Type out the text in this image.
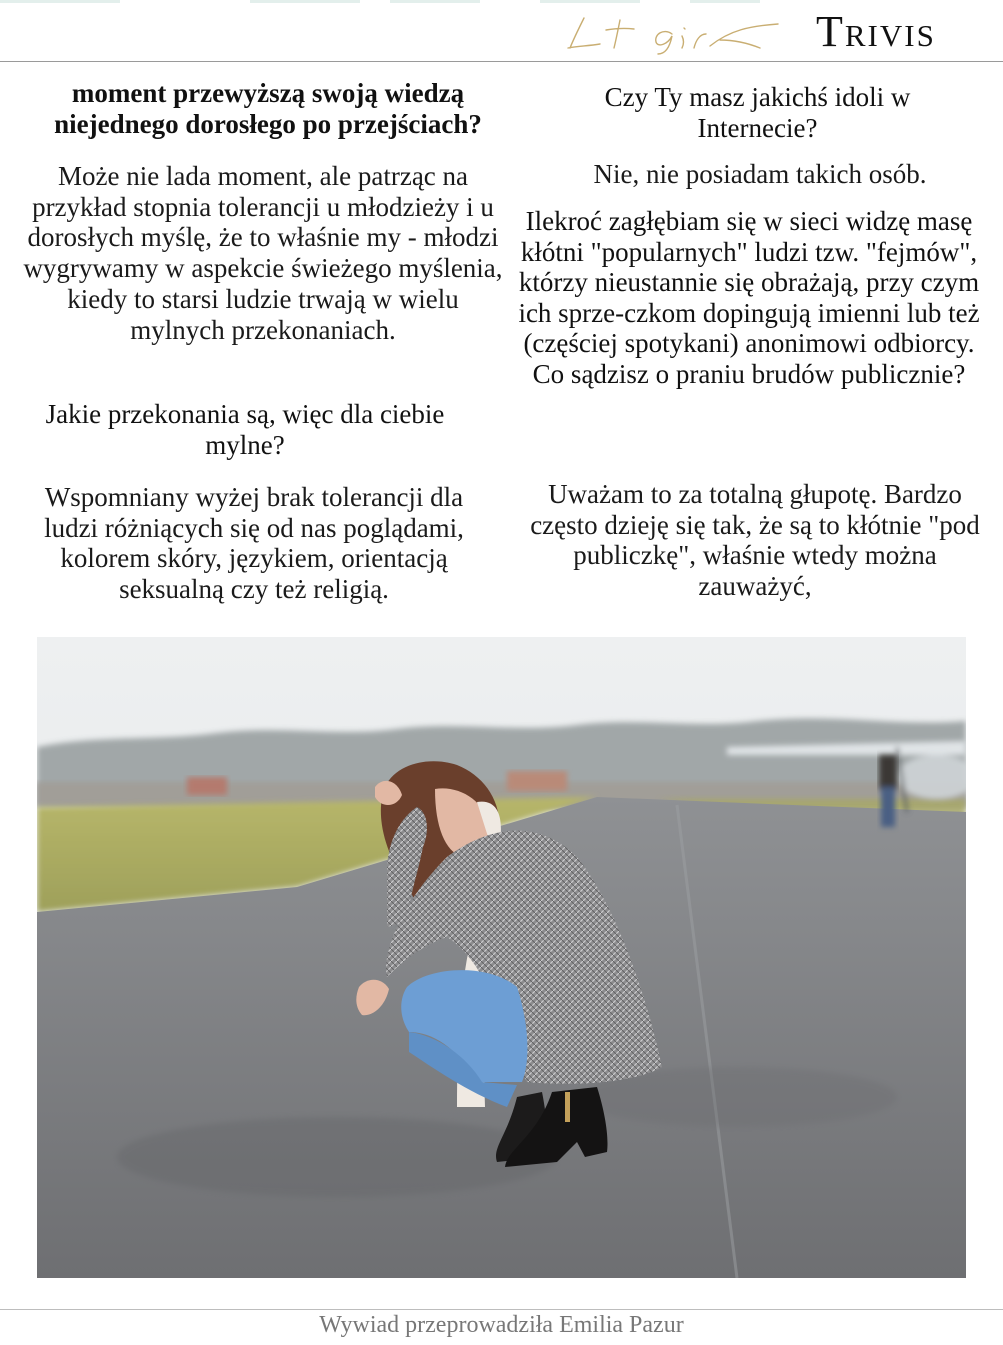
Lt girl	Trivis

moment przewyższą swoją wiedzą niejednego dorosłego po przejściach?

Może nie lada moment, ale patrząc na przykład stopnia tolerancji u młodzieży i u dorosłych myślę, że to właśnie my - młodzi wygrywamy w aspekcie świeżego myślenia, kiedy to starsi ludzie trwają w wielu mylnych przekonaniach.

Jakie przekonania są, więc dla ciebie mylne?

Wspomniany wyżej brak tolerancji dla ludzi różniących się od nas poglądami, kolorem skóry, językiem, orientacją seksualną czy też religią.

Czy Ty masz jakichś idoli w Internecie?

Nie, nie posiadam takich osób.

Ilekroć zagłębiam się w sieci widzę masę kłótni "popularnych" ludzi tzw. "fejmów", którzy nieustannie się obrażają, przy czym ich sprze-czkom dopingują imienni lub też (częściej spotykani) anonimowi odbiorcy. Co sądzisz o praniu brudów publicznie?

Uważam to za totalną głupotę. Bardzo często dzieję się tak, że są to kłótnie "pod publiczkę", właśnie wtedy można zauważyć,

Wywiad przeprowadziła Emilia Pazur
